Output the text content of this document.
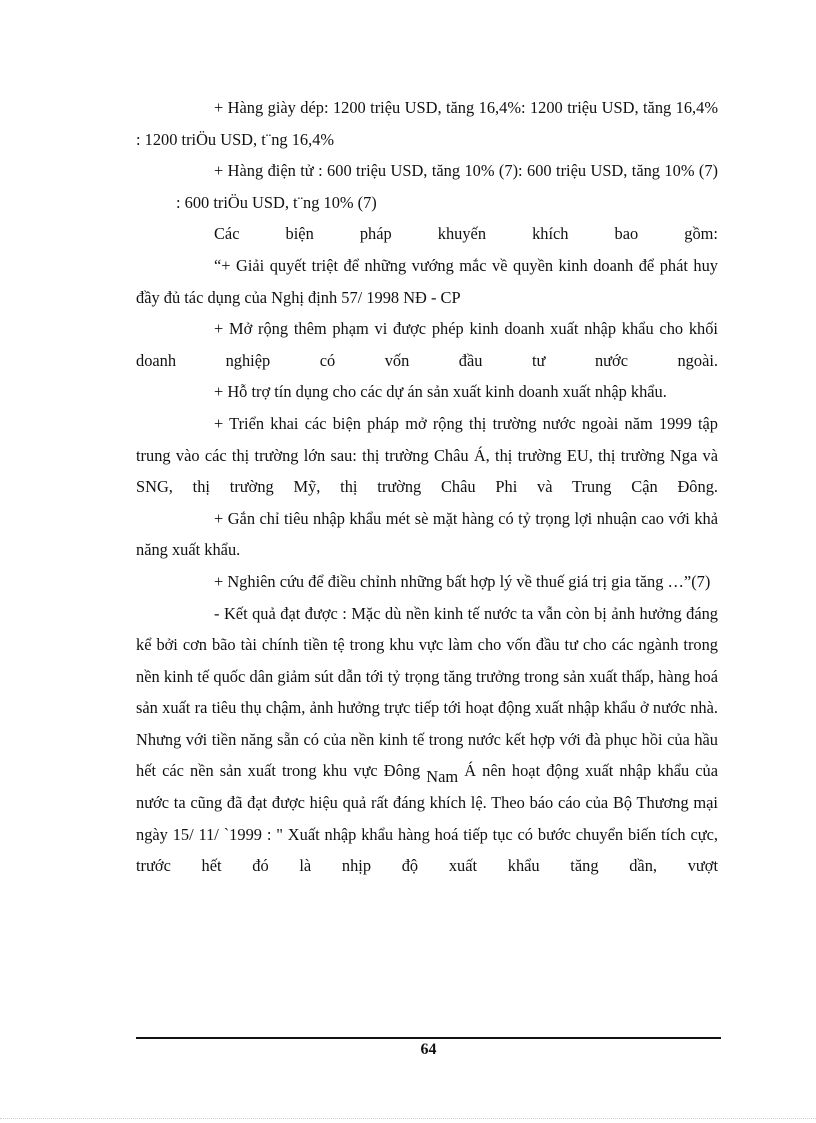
+ Hàng giày dép: 1200 triệu USD, tăng 16,4%: 1200 triệu USD, tăng 16,4% : 1200 triÖu USD, t¨ng 16,4%

+ Hàng điện tử : 600 triệu USD, tăng 10% (7): 600 triệu USD, tăng 10% (7): 600 triÖu USD, t¨ng 10% (7)

Các biện pháp khuyến khích bao gồm:

“+ Giải quyết triệt để những vướng mắc về quyền kinh doanh để phát huy đầy đủ tác dụng của Nghị định 57/ 1998 NĐ - CP

+ Mở rộng thêm phạm vi được phép kinh doanh xuất nhập khẩu cho khối doanh nghiệp có vốn đầu tư nước ngoài.

+ Hỗ trợ tín dụng cho các dự án sản xuất kinh doanh xuất nhập khẩu.

+ Triển khai các biện pháp mở rộng thị trường nước ngoài năm 1999 tập trung vào các thị trường lớn sau: thị trường Châu Á, thị trường EU, thị trường Nga và SNG, thị trường Mỹ, thị trường Châu Phi và Trung Cận Đông.

+ Gắn chỉ tiêu nhập khẩu mét sè mặt hàng có tỷ trọng lợi nhuận cao với khả năng xuất khẩu.

+ Nghiên cứu để điều chỉnh những bất hợp lý về thuế giá trị gia tăng …”(7)

- Kết quả đạt được : Mặc dù nền kinh tế nước ta vẫn còn bị ảnh hưởng đáng kể bởi cơn bão tài chính tiền tệ trong khu vực làm cho vốn đầu tư cho các ngành trong nền kinh tế quốc dân giảm sút dẫn tới tỷ trọng tăng trưởng trong sản xuất thấp, hàng hoá sản xuất ra tiêu thụ chậm, ảnh hưởng trực tiếp tới hoạt động xuất nhập khẩu ở nước nhà. Nhưng với tiền năng sẵn có của nền kinh tế trong nước kết hợp với đà phục hồi của hầu hết các nền sản xuất trong khu vực Đông Nam Á nên hoạt động xuất nhập khẩu của nước ta cũng đã đạt được hiệu quả rất đáng khích lệ. Theo báo cáo của Bộ Thương mại ngày 15/ 11/ `1999 : " Xuất nhập khẩu hàng hoá tiếp tục có bước chuyển biến tích cực, trước hết đó là nhịp độ xuất khẩu tăng dần, vượt

64
